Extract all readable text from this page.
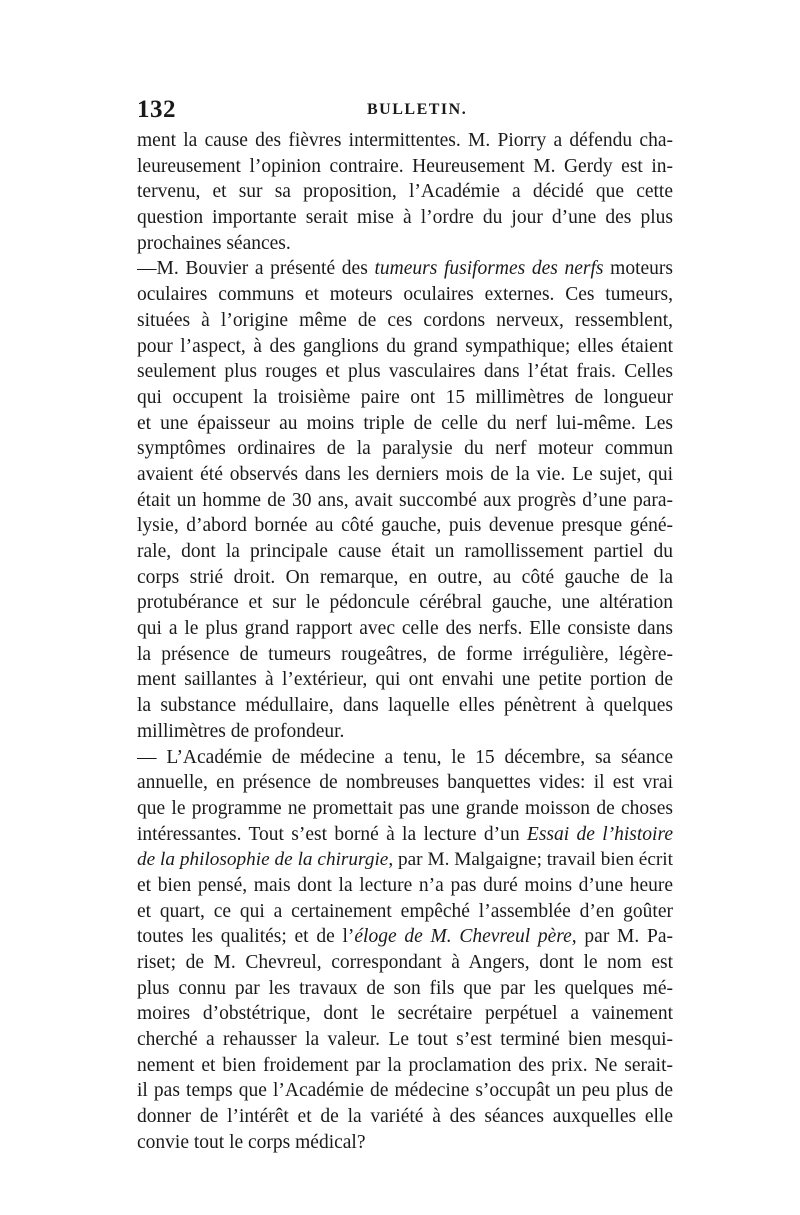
132	BULLETIN.
ment la cause des fièvres intermittentes. M. Piorry a défendu cha-
leureusement l’opinion contraire. Heureusement M. Gerdy est in-
tervenu, et sur sa proposition, l’Académie a décidé que cette
question importante serait mise à l’ordre du jour d’une des plus
prochaines séances.
—M. Bouvier a présenté des tumeurs fusiformes des nerfs moteurs
oculaires communs et moteurs oculaires externes. Ces tumeurs,
situées à l’origine même de ces cordons nerveux, ressemblent,
pour l’aspect, à des ganglions du grand sympathique; elles étaient
seulement plus rouges et plus vasculaires dans l’état frais. Celles
qui occupent la troisième paire ont 15 millimètres de longueur
et une épaisseur au moins triple de celle du nerf lui-même. Les
symptômes ordinaires de la paralysie du nerf moteur commun
avaient été observés dans les derniers mois de la vie. Le sujet, qui
était un homme de 30 ans, avait succombé aux progrès d’une para-
lysie, d’abord bornée au côté gauche, puis devenue presque géné-
rale, dont la principale cause était un ramollissement partiel du
corps strié droit. On remarque, en outre, au côté gauche de la
protubérance et sur le pédoncule cérébral gauche, une altération
qui a le plus grand rapport avec celle des nerfs. Elle consiste dans
la présence de tumeurs rougeâtres, de forme irrégulière, légère-
ment saillantes à l’extérieur, qui ont envahi une petite portion de
la substance médullaire, dans laquelle elles pénètrent à quelques
millimètres de profondeur.
— L’Académie de médecine a tenu, le 15 décembre, sa séance
annuelle, en présence de nombreuses banquettes vides: il est vrai
que le programme ne promettait pas une grande moisson de choses
intéressantes. Tout s’est borné à la lecture d’un Essai de l’histoire
de la philosophie de la chirurgie, par M. Malgaigne; travail bien écrit
et bien pensé, mais dont la lecture n’a pas duré moins d’une heure
et quart, ce qui a certainement empêché l’assemblée d’en goûter
toutes les qualités; et de l’éloge de M. Chevreul père, par M. Pa-
riset; de M. Chevreul, correspondant à Angers, dont le nom est
plus connu par les travaux de son fils que par les quelques mé-
moires d’obstétrique, dont le secrétaire perpétuel a vainement
cherché a rehausser la valeur. Le tout s’est terminé bien mesqui-
nement et bien froidement par la proclamation des prix. Ne serait-
il pas temps que l’Académie de médecine s’occupât un peu plus de
donner de l’intérêt et de la variété à des séances auxquelles elle
convie tout le corps médical?
